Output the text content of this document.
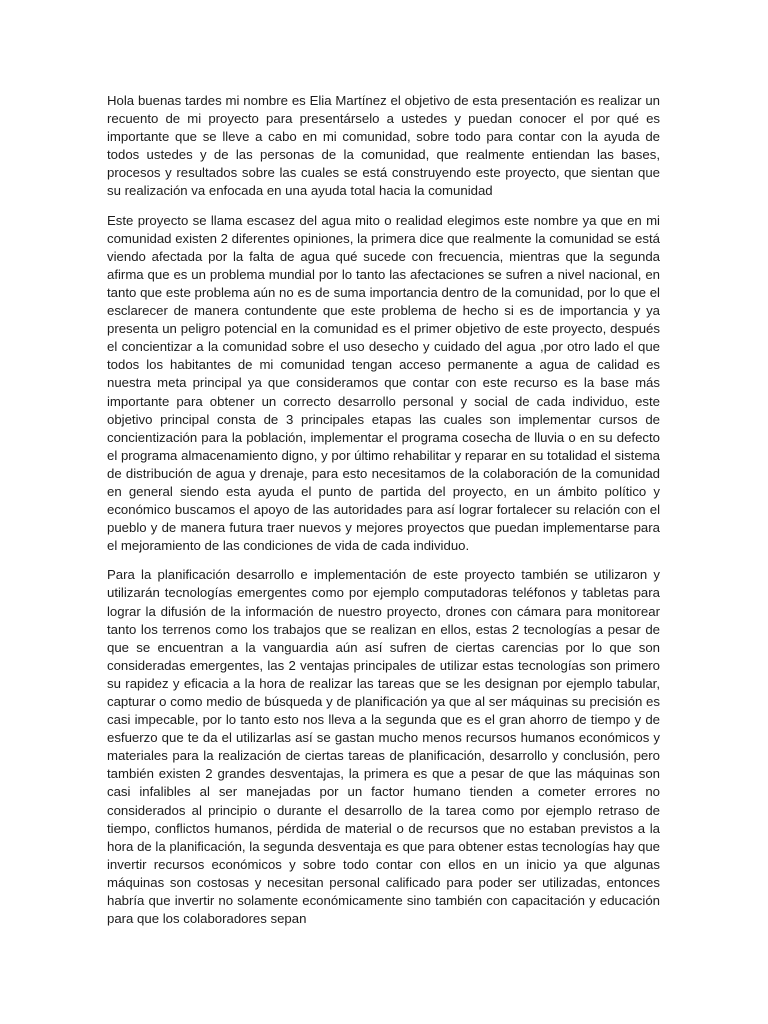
Hola buenas tardes mi nombre es Elia Martínez el objetivo de esta presentación es realizar un recuento de mi proyecto para presentárselo a ustedes y puedan conocer el por qué es importante que se lleve a cabo en mi comunidad, sobre todo para contar con la ayuda de todos ustedes y de las personas de la comunidad, que realmente entiendan las bases, procesos y resultados sobre las cuales se está construyendo este proyecto, que sientan que su realización va enfocada en una ayuda total hacia la comunidad

Este proyecto se llama escasez del agua mito o realidad elegimos este nombre ya que en mi comunidad existen 2 diferentes opiniones, la primera dice que realmente la comunidad se está viendo afectada por la falta de agua qué sucede con frecuencia, mientras que la segunda afirma que es un problema mundial por lo tanto las afectaciones se sufren a nivel nacional, en tanto que este problema aún no es de suma importancia dentro de la comunidad, por lo que el esclarecer de manera contundente que este problema de hecho si es de importancia y ya presenta un peligro potencial en la comunidad es el primer objetivo de este proyecto, después el concientizar a la comunidad sobre el uso desecho y cuidado del agua ,por otro lado el que todos los habitantes de mi comunidad tengan acceso permanente a agua de calidad es nuestra meta principal ya que consideramos que contar con este recurso es la base más importante para obtener un correcto desarrollo personal y social de cada individuo, este objetivo principal consta de 3 principales etapas las cuales son implementar cursos de concientización para la población, implementar el programa cosecha de lluvia o en su defecto el programa almacenamiento digno, y por último rehabilitar y reparar en su totalidad el sistema de distribución de agua y drenaje, para esto necesitamos de la colaboración de la comunidad en general siendo esta ayuda el punto de partida del proyecto, en un ámbito político y económico buscamos el apoyo de las autoridades para así lograr fortalecer su relación con el pueblo y de manera futura traer nuevos y mejores proyectos que puedan implementarse para el mejoramiento de las condiciones de vida de cada individuo.

Para la planificación desarrollo e implementación de este proyecto también se utilizaron y utilizarán tecnologías emergentes como por ejemplo computadoras teléfonos y tabletas para lograr la difusión de la información de nuestro proyecto, drones con cámara para monitorear tanto los terrenos como los trabajos que se realizan en ellos, estas 2 tecnologías a pesar de que se encuentran a la vanguardia aún así sufren de ciertas carencias por lo que son consideradas emergentes, las 2 ventajas principales de utilizar estas tecnologías son primero su rapidez y eficacia a la hora de realizar las tareas que se les designan por ejemplo tabular, capturar o como medio de búsqueda y de planificación ya que al ser máquinas su precisión es casi impecable, por lo tanto esto nos lleva a la segunda que es el gran ahorro de tiempo y de esfuerzo que te da el utilizarlas así se gastan mucho menos recursos humanos económicos y materiales para la realización de ciertas tareas de planificación, desarrollo y conclusión, pero también existen 2 grandes desventajas, la primera es que a pesar de que las máquinas son casi infalibles al ser manejadas por un factor humano tienden a cometer errores no considerados al principio o durante el desarrollo de la tarea como por ejemplo retraso de tiempo, conflictos humanos, pérdida de material o de recursos que no estaban previstos a la hora de la planificación, la segunda desventaja es que para obtener estas tecnologías hay que invertir recursos económicos y sobre todo contar con ellos en un inicio ya que algunas máquinas son costosas y necesitan personal calificado para poder ser utilizadas, entonces habría que invertir no solamente económicamente sino también con capacitación y educación para que los colaboradores sepan
